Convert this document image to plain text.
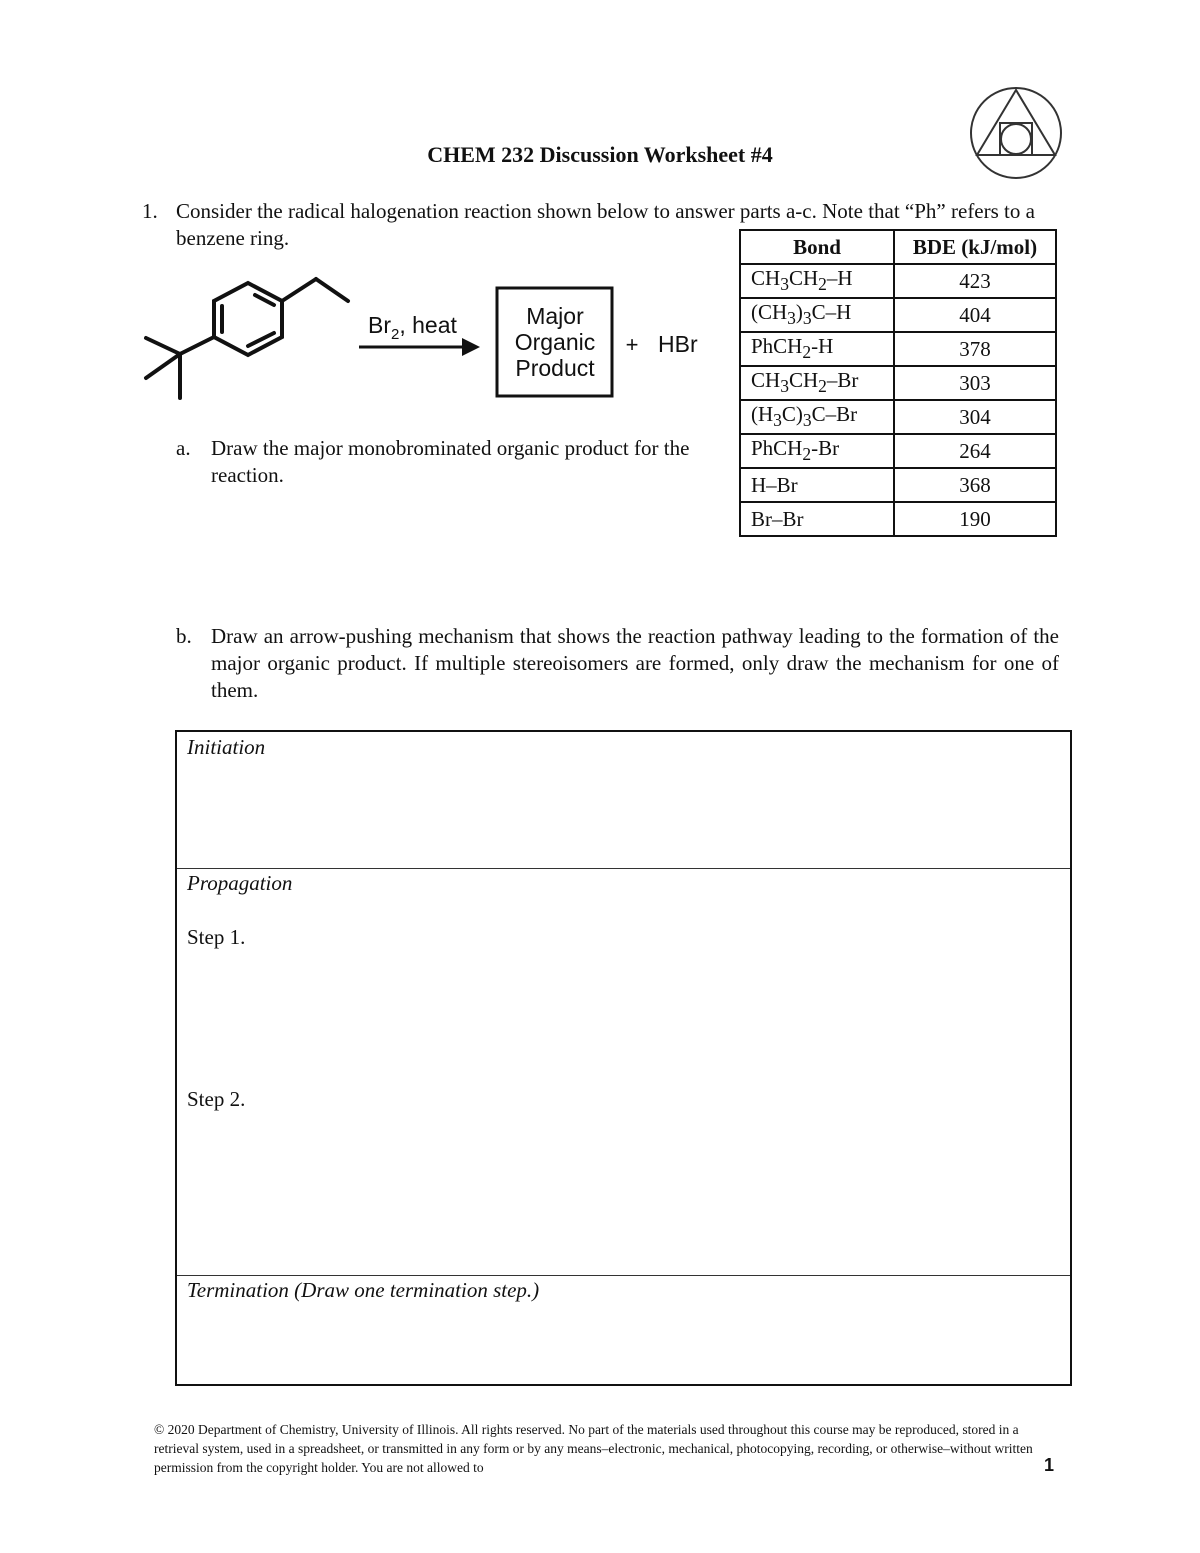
CHEM 232 Discussion Worksheet #4
1. Consider the radical halogenation reaction shown below to answer parts a-c. Note that “Ph” refers to a benzene ring.
$Br_2$, heat	Major
Organic
Product
+ HBr
Bond	BDE (kJ/mol)
$CH_3CH_2-H$	423
$(CH_3)_3C-H$	404
PhCH$_2$-H	378
$CH_3CH_2-Br$	303
$(H_3C)_3C-Br$	304
PhCH$_2$-Br	264
H–Br	368
Br–Br	190
a. Draw the major monobrominated organic product for the reaction.
b. Draw an arrow-pushing mechanism that shows the reaction pathway leading to the formation of the major organic product. If multiple stereoisomers are formed, only draw the mechanism for one of them.
Initiation
Propagation
Step 1.
Step 2.
Termination (Draw one termination step.)
© 2020 Department of Chemistry, University of Illinois. All rights reserved. No part of the materials used throughout this course may be reproduced, stored in a retrieval system, used in a spreadsheet, or transmitted in any form or by any means–electronic, mechanical, photocopying, recording, or otherwise–without written permission from the copyright holder. You are not allowed to	1
